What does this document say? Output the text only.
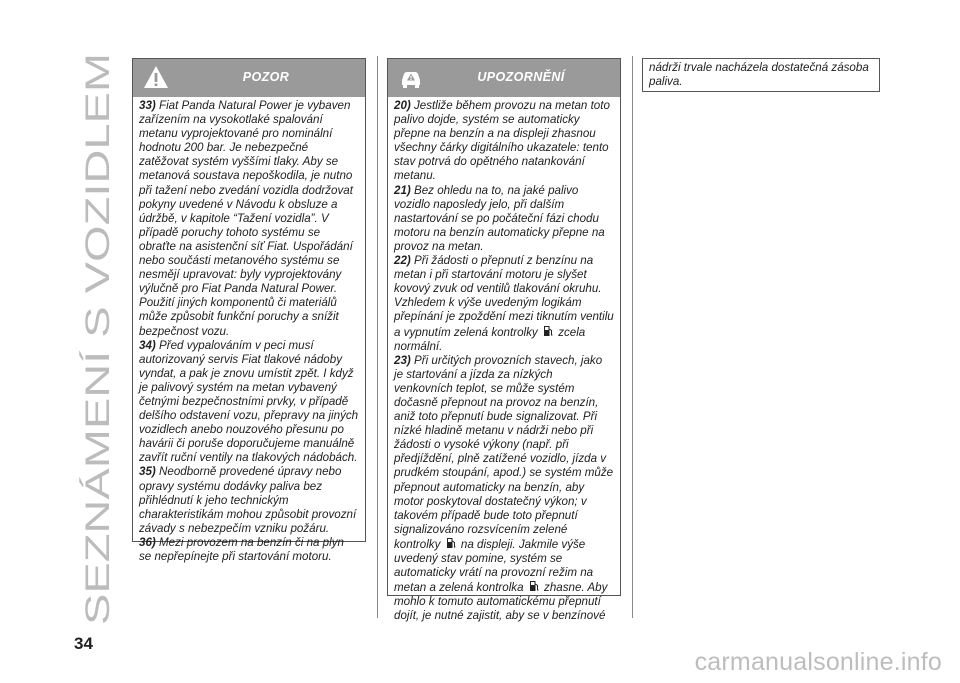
SEZNÁMENÍ S VOZIDLEM
POZOR

33) Fiat Panda Natural Power je vybaven zařízením na vysokotlaké spalování metanu vyprojektované pro nominální hodnotu 200 bar. Je nebezpečné zatěžovat systém vyššími tlaky. Aby se metanová soustava nepoškodila, je nutno při tažení nebo zvedání vozidla dodržovat pokyny uvedené v Návodu k obsluze a údržbě, v kapitole “Tažení vozidla”. V případě poruchy tohoto systému se obraťte na asistenční síť Fiat. Uspořádání nebo součásti metanového systému se nesmějí upravovat: byly vyprojektovány výlučně pro Fiat Panda Natural Power. Použití jiných komponentů či materiálů může způsobit funkční poruchy a snížit bezpečnost vozu.

34) Před vypalováním v peci musí autorizovaný servis Fiat tlakové nádoby vyndat, a pak je znovu umístit zpět. I když je palivový systém na metan vybavený četnými bezpečnostními prvky, v případě delšího odstavení vozu, přepravy na jiných vozidlech anebo nouzového přesunu po havárii či poruše doporučujeme manuálně zavřít ruční ventily na tlakových nádobách.

35) Neodborně provedené úpravy nebo opravy systému dodávky paliva bez přihlédnutí k jeho technickým charakteristikám mohou způsobit provozní závady s nebezpečím vzniku požáru.

36) Mezi provozem na benzín či na plyn se nepřepínejte při startování motoru.

UPOZORNĚNÍ

20) Jestliže během provozu na metan toto palivo dojde, systém se automaticky přepne na benzín a na displeji zhasnou všechny čárky digitálního ukazatele: tento stav potrvá do opětného natankování metanu.

21) Bez ohledu na to, na jaké palivo vozidlo naposledy jelo, při dalším nastartování se po počáteční fázi chodu motoru na benzín automaticky přepne na provoz na metan.

22) Při žádosti o přepnutí z benzínu na metan i při startování motoru je slyšet kovový zvuk od ventilů tlakování okruhu. Vzhledem k výše uvedeným logikám přepínání je zpoždění mezi tiknutím ventilu a vypnutím zelená kontrolky zcela normální.

23) Při určitých provozních stavech, jako je startování a jízda za nízkých venkovních teplot, se může systém dočasně přepnout na provoz na benzín, aniž toto přepnutí bude signalizovat. Při nízké hladině metanu v nádrži nebo při žádosti o vysoké výkony (např. při předjíždění, plně zatížené vozidlo, jízda v prudkém stoupání, apod.) se systém může přepnout automaticky na benzín, aby motor poskytoval dostatečný výkon; v takovém případě bude toto přepnutí signalizováno rozsvícením zelené kontrolky na displeji. Jakmile výše uvedený stav pomine, systém se automaticky vrátí na provozní režim na metan a zelená kontrolka zhasne. Aby mohlo k tomuto automatickému přepnutí dojít, je nutné zajistit, aby se v benzínové

nádrži trvale nacházela dostatečná zásoba paliva.

34
carmanualsonline.info
